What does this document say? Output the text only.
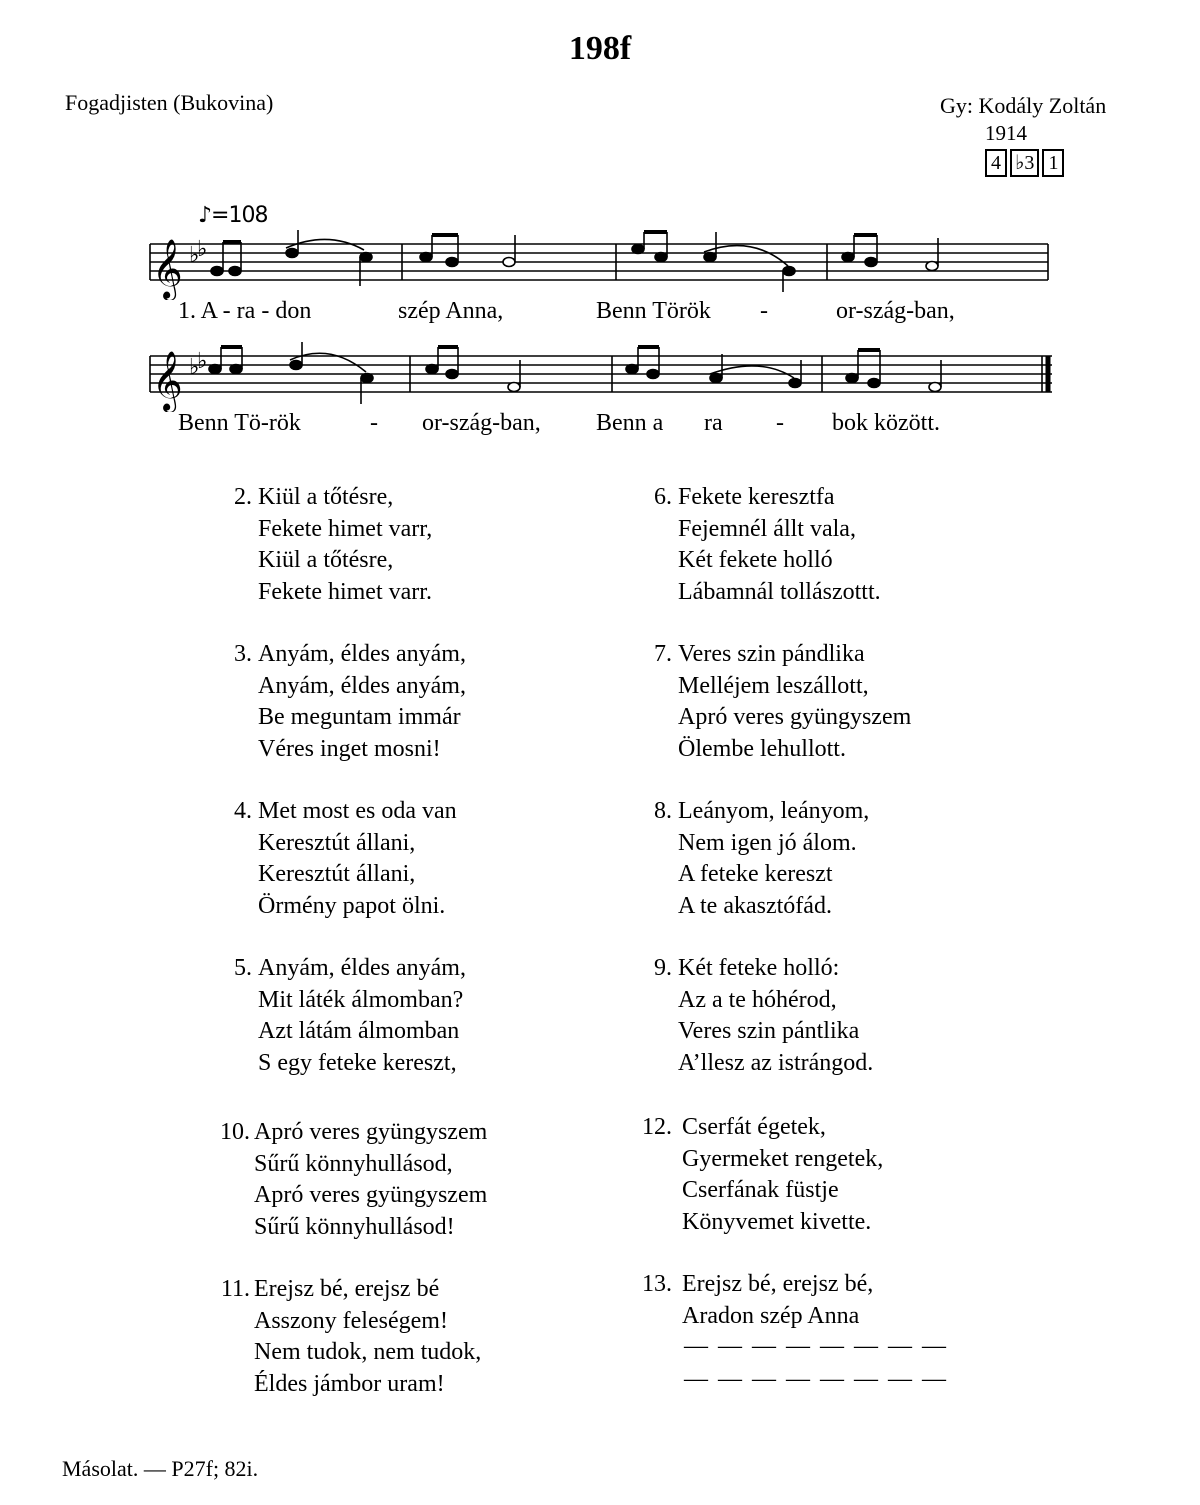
198f
Fogadjisten (Bukovina)	Gy: Kodály Zoltán
1914
4 ♭3 1
♪=108
𝄞 ♭
♭
1. A - ra - don	szép Anna,	Benn Török -	or-szág-ban,
𝄞 ♭
♭
Benn Tö-rök	- or-szág-ban, Benn a ra - bok között.
2. Kiül a tőtésre,
Fekete himet varr,
Kiül a tőtésre,
Fekete himet varr.
3. Anyám, éldes anyám,
Anyám, éldes anyám,
Be meguntam immár
Véres inget mosni!
4. Met most es oda van
Keresztút állani,
Keresztút állani,
Örmény papot ölni.
5. Anyám, éldes anyám,
Mit láték álmomban?
Azt látám álmomban
S egy feteke kereszt,
10. Apró veres gyüngyszem
Sűrű könnyhullásod,
Apró veres gyüngyszem
Sűrű könnyhullásod!
11. Erejsz bé, erejsz bé
Asszony feleségem!
Nem tudok, nem tudok,
Éldes jámbor uram!
6. Fekete keresztfa
Fejemnél állt vala,
Két fekete holló
Lábamnál tollászottt.
7. Veres szin pándlika
Melléjem leszállott,
Apró veres gyüngyszem
Ölembe lehullott.
8. Leányom, leányom,
Nem igen jó álom.
A feteke kereszt
A te akasztófád.
9. Két feteke holló:
Az a te hóhérod,
Veres szin pántlika
A’llesz az istrángod.
12. Cserfát égetek,
Gyermeket rengetek,
Cserfának füstje
Könyvemet kivette.
13. Erejsz bé, erejsz bé,
Aradon szép Anna
— — — — — — — —
— — — — — — — —
Másolat. — P27f; 82i.
